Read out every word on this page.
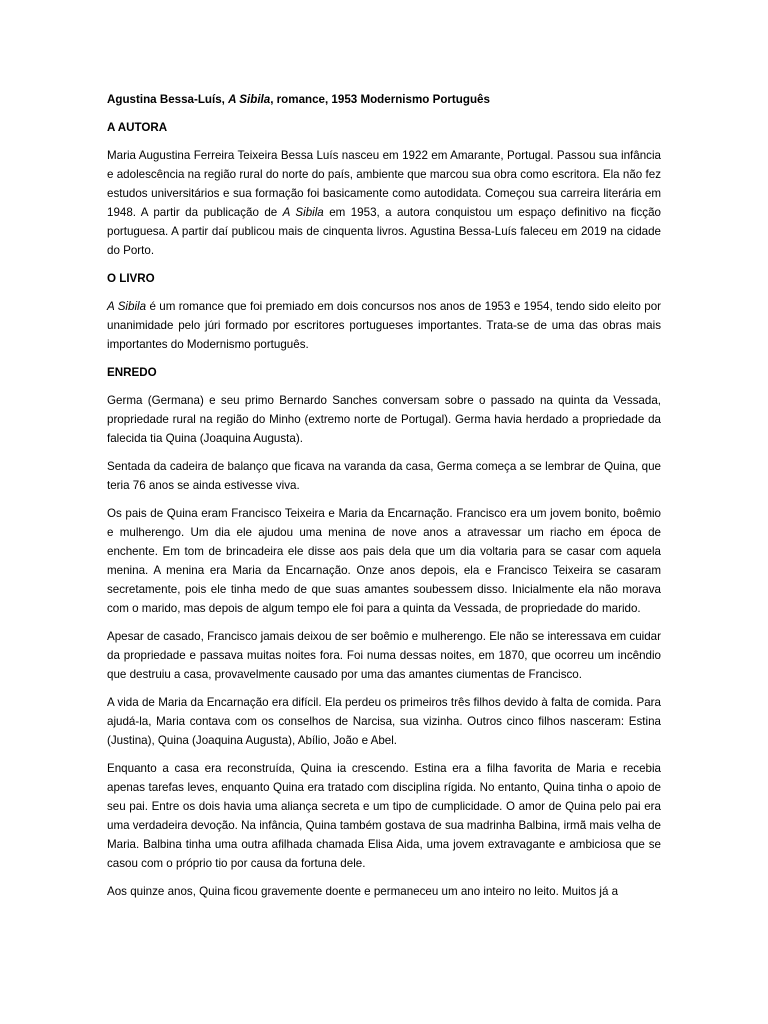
Agustina Bessa-Luís, A Sibila, romance, 1953 Modernismo Português

A AUTORA

Maria Augustina Ferreira Teixeira Bessa Luís nasceu em 1922 em Amarante, Portugal. Passou sua infância e adolescência na região rural do norte do país, ambiente que marcou sua obra como escritora. Ela não fez estudos universitários e sua formação foi basicamente como autodidata. Começou sua carreira literária em 1948. A partir da publicação de A Sibila em 1953, a autora conquistou um espaço definitivo na ficção portuguesa. A partir daí publicou mais de cinquenta livros. Agustina Bessa-Luís faleceu em 2019 na cidade do Porto.

O LIVRO

A Sibila é um romance que foi premiado em dois concursos nos anos de 1953 e 1954, tendo sido eleito por unanimidade pelo júri formado por escritores portugueses importantes. Trata-se de uma das obras mais importantes do Modernismo português.

ENREDO

Germa (Germana) e seu primo Bernardo Sanches conversam sobre o passado na quinta da Vessada, propriedade rural na região do Minho (extremo norte de Portugal). Germa havia herdado a propriedade da falecida tia Quina (Joaquina Augusta).

Sentada da cadeira de balanço que ficava na varanda da casa, Germa começa a se lembrar de Quina, que teria 76 anos se ainda estivesse viva.

Os pais de Quina eram Francisco Teixeira e Maria da Encarnação. Francisco era um jovem bonito, boêmio e mulherengo. Um dia ele ajudou uma menina de nove anos a atravessar um riacho em época de enchente. Em tom de brincadeira ele disse aos pais dela que um dia voltaria para se casar com aquela menina. A menina era Maria da Encarnação. Onze anos depois, ela e Francisco Teixeira se casaram secretamente, pois ele tinha medo de que suas amantes soubessem disso. Inicialmente ela não morava com o marido, mas depois de algum tempo ele foi para a quinta da Vessada, de propriedade do marido.

Apesar de casado, Francisco jamais deixou de ser boêmio e mulherengo. Ele não se interessava em cuidar da propriedade e passava muitas noites fora. Foi numa dessas noites, em 1870, que ocorreu um incêndio que destruiu a casa, provavelmente causado por uma das amantes ciumentas de Francisco.

A vida de Maria da Encarnação era difícil. Ela perdeu os primeiros três filhos devido à falta de comida. Para ajudá-la, Maria contava com os conselhos de Narcisa, sua vizinha. Outros cinco filhos nasceram: Estina (Justina), Quina (Joaquina Augusta), Abílio, João e Abel.

Enquanto a casa era reconstruída, Quina ia crescendo. Estina era a filha favorita de Maria e recebia apenas tarefas leves, enquanto Quina era tratado com disciplina rígida. No entanto, Quina tinha o apoio de seu pai. Entre os dois havia uma aliança secreta e um tipo de cumplicidade. O amor de Quina pelo pai era uma verdadeira devoção. Na infância, Quina também gostava de sua madrinha Balbina, irmã mais velha de Maria. Balbina tinha uma outra afilhada chamada Elisa Aida, uma jovem extravagante e ambiciosa que se casou com o próprio tio por causa da fortuna dele.

Aos quinze anos, Quina ficou gravemente doente e permaneceu um ano inteiro no leito. Muitos já a
